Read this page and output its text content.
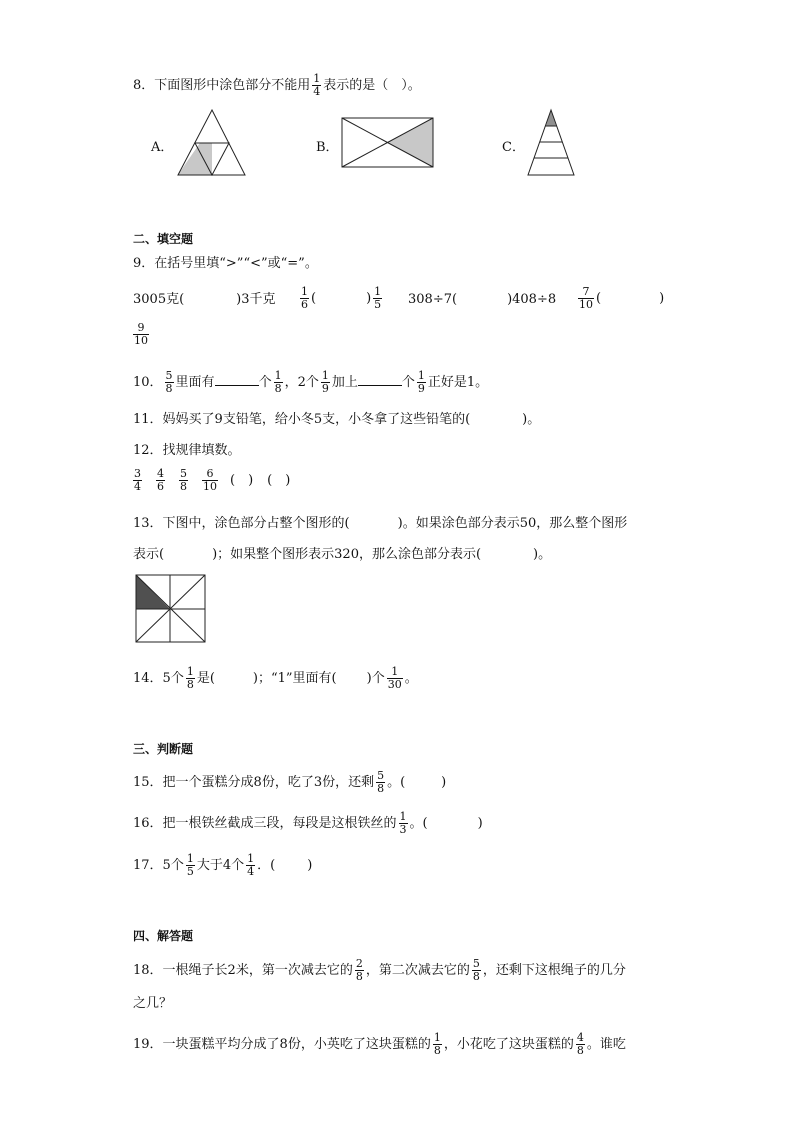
8．下面图形中涂色部分不能用 $\frac{1}{4}$ 表示的是（　）。
A．	B．	C．
二、填空题
9．在括号里填“>”“<”或“=”。
3005克(	)3千克 $\frac{1}{6}$ (	) $\frac{1}{5} 308\div 7$(	)$408\div 8 \frac{7}{10}$ (	)
$\frac{9}{10}$
10． $\frac{5}{8}$ 里面有	个 $\frac{1}{8}$ ，2个 $\frac{1}{9}$ 加上	个 $\frac{1}{9}$ 正好是1。
11．妈妈买了9支铅笔，给小冬5支，小冬拿了这些铅笔的(	)。
12．找规律填数。
$\frac{3}{4} \frac{4}{6} \frac{5}{8} \frac{6}{10}$ (　) (　)
13．下图中，涂色部分占整个图形的(	)。如果涂色部分表示50，那么整个图形
表示(	)；如果整个图形表示320，那么涂色部分表示(	)。
14．5个 $\frac{1}{8}$ 是(	)；“1”里面有( )个 $\frac{1}{30}$ 。
三、判断题
15．把一个蛋糕分成8份，吃了3份，还剩 $\frac{5}{8}$ 。(	)
16．把一根铁丝截成三段，每段是这根铁丝的 $\frac{1}{3}$ 。(	)
17．5个 $\frac{1}{5}$ 大于4个 $\frac{1}{4}$ ．( )
四、解答题
18．一根绳子长2米，第一次减去它的 $\frac{2}{8}$ ，第二次减去它的 $\frac{5}{8}$ ，还剩下这根绳子的几分
之几？
19．一块蛋糕平均分成了8份，小英吃了这块蛋糕的 $\frac{1}{8}$ ，小花吃了这块蛋糕的 $\frac{4}{8}$ 。谁吃
